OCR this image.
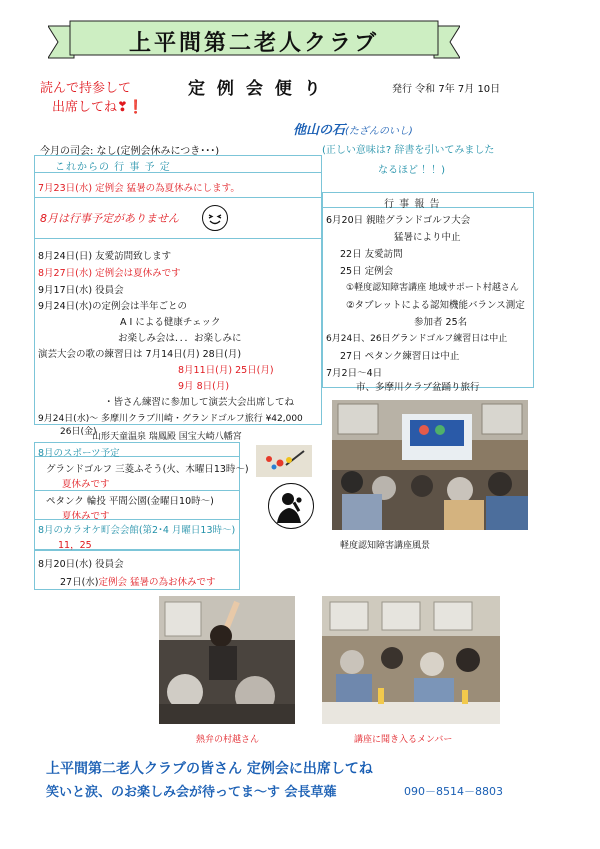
上平間第二老人クラブ
読んで持参して
出席してね❣❗
定 例 会 便 り	発行 令和 7年 7月 10日
他山の石(たざんのいし)
(正しい意味は? 辞書を引いてみました
なるほど ！！)
今月の司会: なし(定例会休みにつき･･･)
これからの 行 事 予 定
7月23日(水) 定例会 猛暑の為夏休みにします。
8月は行事予定がありません
8月24日(日) 友愛訪問致します
8月27日(水) 定例会は夏休みです
9月17日(水) 役員会
9月24日(水)の定例会は半年ごとの
A I による健康チェック
お楽しみ会は．．．お楽しみに
演芸大会の歌の練習日は 7月14日(月) 28日(月)
8月11日(月) 25日(月)
9月 8日(月)
・皆さん練習に参加して演芸大会出席してね
9月24日(水)～ 多摩川クラブ川崎・グランドゴルフ旅行 ¥42,000
26日(金)
山形天童温泉 瑞鳳殿 国宝大崎八幡宮
8月のスポーツ予定
グランドゴルフ 三菱ふそう(火、木曜日13時～)
夏休みです
ペタンク 輪投 平間公園(金曜日10時～)
夏休みです
8月のカラオケ町会会館(第2･4 月曜日13時～)
11，25
8月20日(水) 役員会
27日(水)定例会 猛暑の為お休みです
行 事 報 告
6月20日 親睦グランドゴルフ大会
猛暑により中止
22日 友愛訪問
25日 定例会
①軽度認知障害講座 地域サポート村越さん
②タブレットによる認知機能バランス測定
参加者 25名
6月24日、26日グランドゴルフ練習日は中止
27日 ペタンク練習日は中止
7月2日～4日
市、多摩川クラブ盆踊り旅行
軽度認知障害講座風景
熱弁の村越さん	講座に聞き入るメンバー
上平間第二老人クラブの皆さん 定例会に出席してね
笑いと涙、のお楽しみ会が待ってま～す 会長草薙	090－8514－8803
